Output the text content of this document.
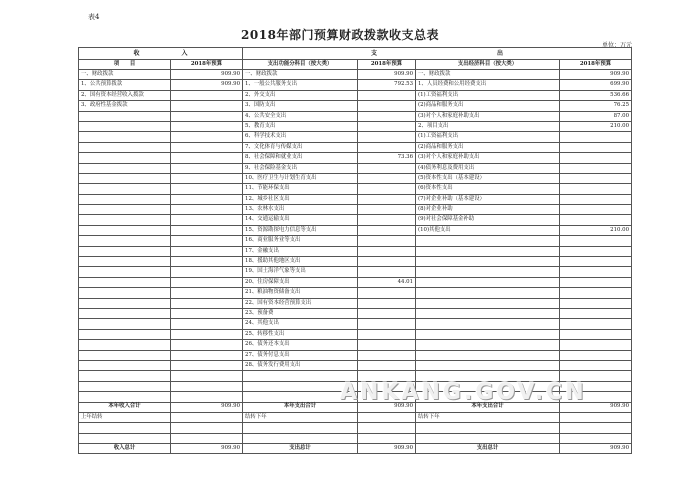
表4
2018年部门预算财政拨款收支总表
单位：万元
收　　　　　　　入		支　　　　　　　　　　　　　　　　　　　　出			
项　　目	2018年预算	支出功能分科目（按大类）	2018年预算	支出经济科目（按大类）	2018年预算
一、财政拨款	909.90	一、财政拨款	909.90	一、财政拨款	909.90
1、公共预算拨款	909.90	1、一般公共服务支出	792.53	1、人员经费和公用经费支出	699.90
2、国有资本经营收入拨款		2、外交支出		(1)工资福利支出	536.66
3、政府性基金拨款		3、国防支出		(2)商品和服务支出	76.25
		4、公共安全支出		(3)对个人和家庭补助支出	87.00
		5、教育支出		2、项目支出	210.00
		6、科学技术支出		(1)工资福利支出	
		7、文化体育与传媒支出		(2)商品和服务支出	
		8、社会保障和就业支出	73.36	(3)对个人和家庭补助支出	
		9、社会保险基金支出		(4)债务利息及费用支出	
		10、医疗卫生与计划生育支出		(5)资本性支出（基本建设）	
		11、节能环保支出		(6)资本性支出	
		12、城乡社区支出		(7)对企业补助（基本建设）	
		13、农林水支出		(8)对企业补助	
		14、交通运输支出		(9)对社会保障基金补助	
		15、资源勘探电力信息等支出		(10)其他支出	210.00
		16、商业服务业等支出			
		17、金融支出			
		18、援助其他地区支出			
		19、国土海洋气象等支出			
		20、住房保障支出	44.01		
		21、粮油物资储备支出			
		22、国有资本经营预算支出			
		23、预备费			
		24、其他支出			
		25、转移性支出			
		26、债务还本支出			
		27、债务付息支出			
		28、债务发行费用支出			

本年收入合计	909.90	本年支出合计	909.90	本年支出合计	909.90
上年结转		结转下年		结转下年	

收入总计	909.90	支出总计	909.90	支出总计	909.90
ANKANG.GOV.CN
